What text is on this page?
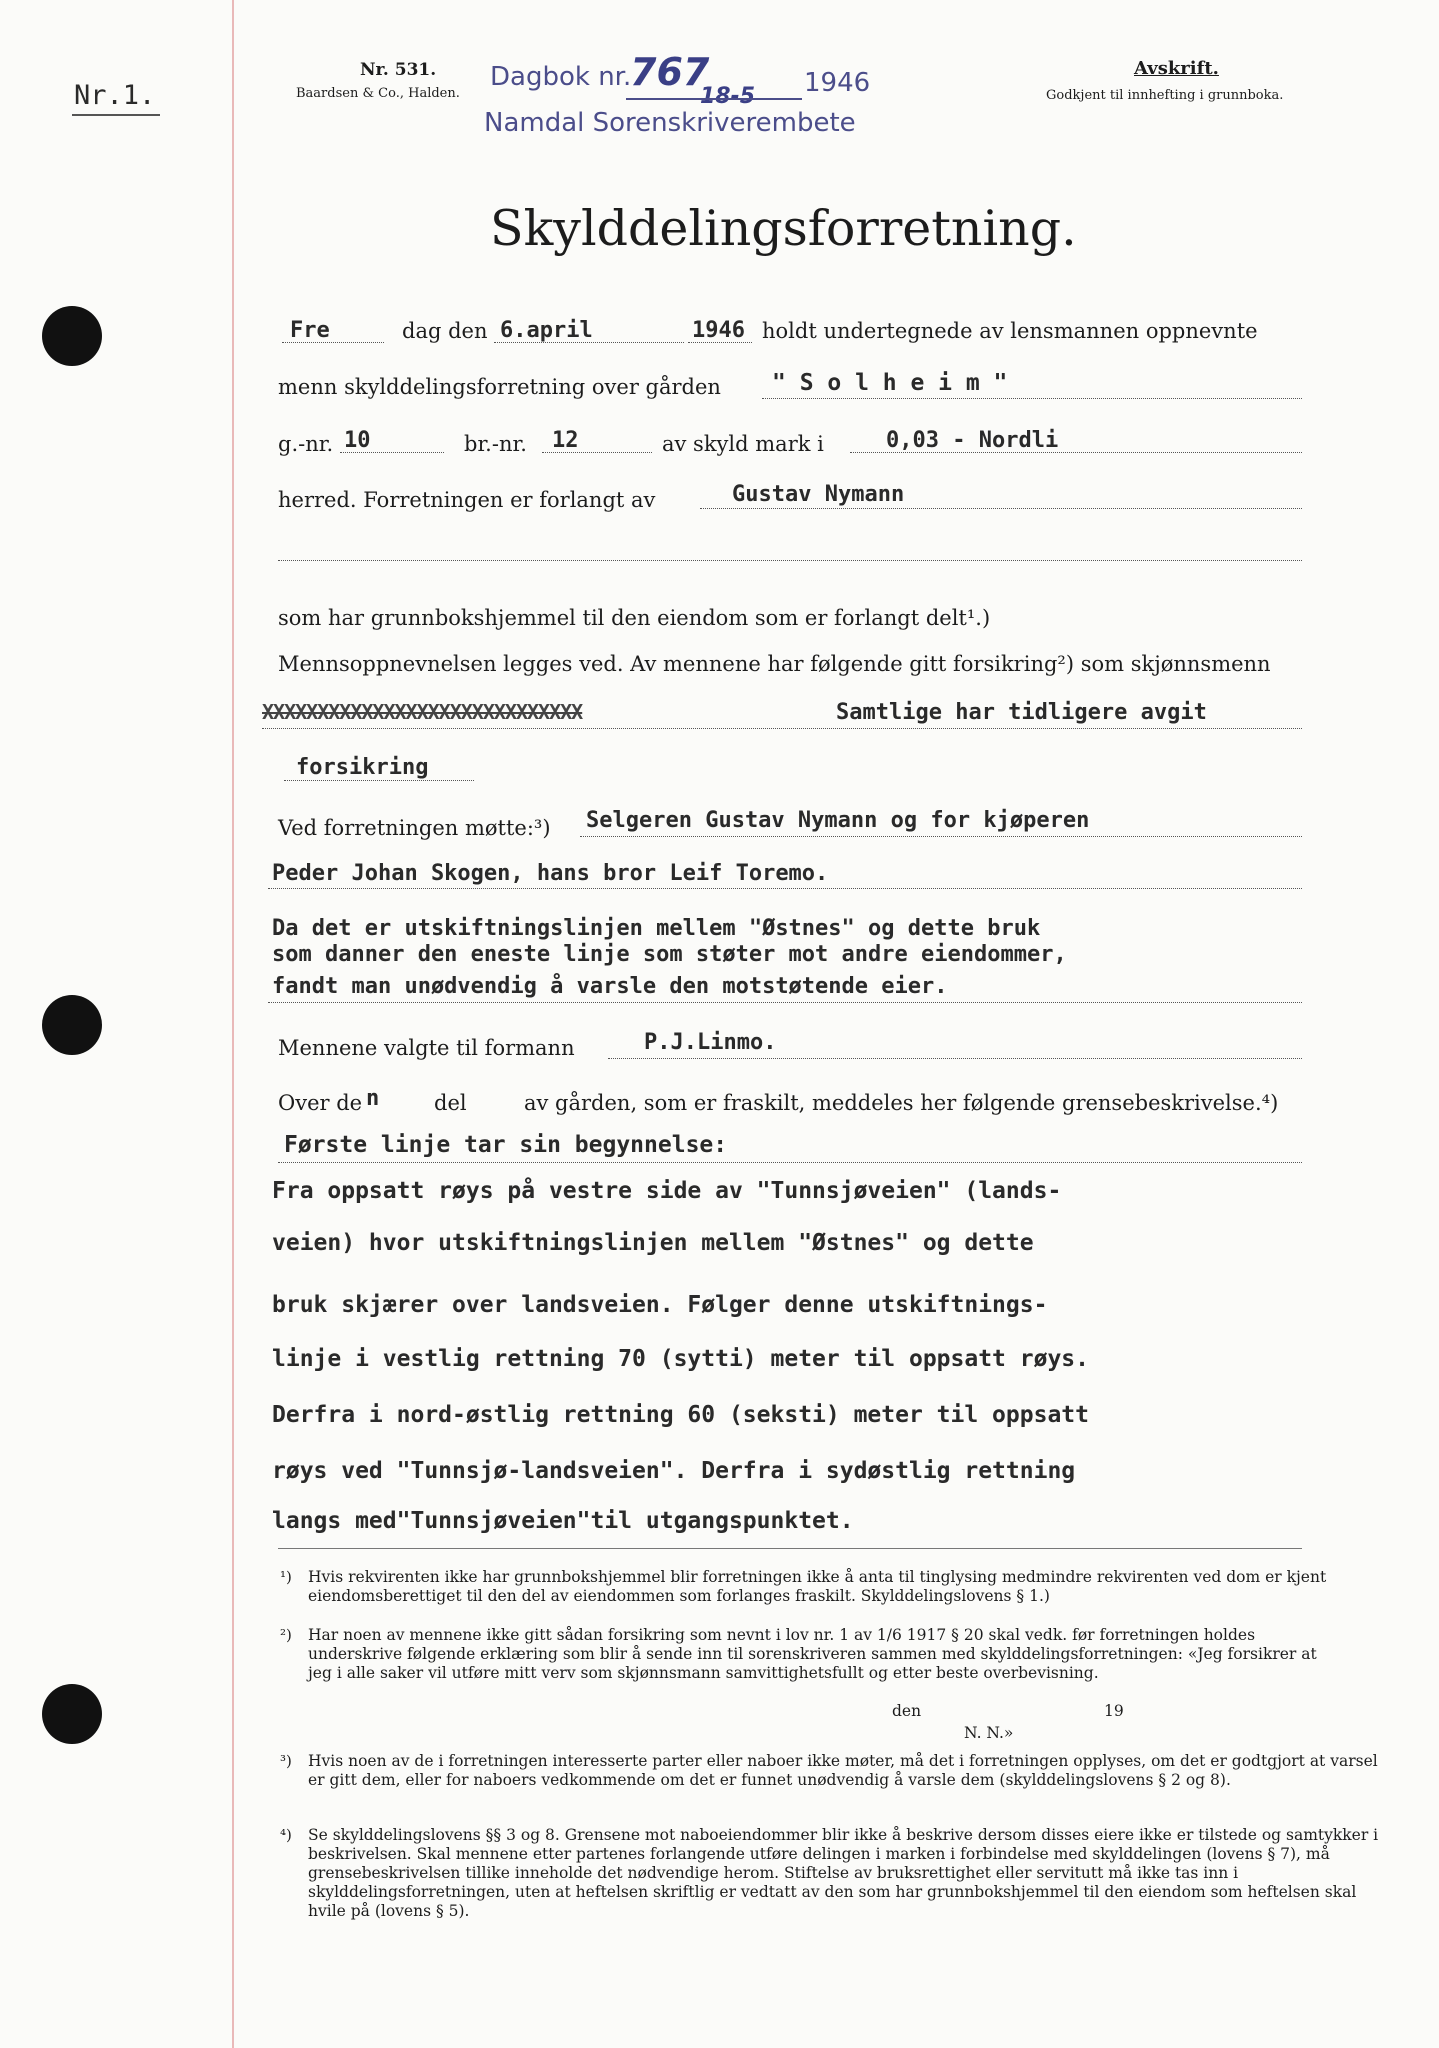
Nr.1.
Nr. 531.
Baardsen & Co., Halden.
Dagbok nr.
767
18-5 1946
Namdal Sorenskriverembete
Avskrift.
Godkjent til innhefting i grunnboka.
Skylddelingsforretning.
Fre	dag den 6.april	1946 holdt undertegnede av lensmannen oppnevnte
menn skylddelingsforretning over gården " S o l h e i m "
g.-nr. 10	br.-nr. 12	av skyld mark i	0,03 - Nordli
herred. Forretningen er forlangt av	Gustav Nymann
som har grunnbokshjemmel til den eiendom som er forlangt delt¹.)
Mennsoppnevnelsen legges ved. Av mennene har følgende gitt forsikring²) som skjønnsmenn
XXXXXXXXXXXXXXXXXXXXXXXXXXXXX	Samtlige har tidligere avgit
forsikring
Ved forretningen møtte:³) Selgeren Gustav Nymann og for kjøperen
Peder Johan Skogen, hans bror Leif Toremo.
Da det er utskiftningslinjen mellem "Østnes" og dette bruk
som danner den eneste linje som støter mot andre eiendommer,
fandt man unødvendig å varsle den motstøtende eier.
Mennene valgte til formann	P.J.Linmo.
Over de n	del	av gården, som er fraskilt, meddeles her følgende grensebeskrivelse.⁴)
Første linje tar sin begynnelse:
Fra oppsatt røys på vestre side av "Tunnsjøveien" (lands-
veien) hvor utskiftningslinjen mellem "Østnes" og dette
bruk skjærer over landsveien. Følger denne utskiftnings-
linje i vestlig rettning 70 (sytti) meter til oppsatt røys.
Derfra i nord-østlig rettning 60 (seksti) meter til oppsatt
røys ved "Tunnsjø-landsveien". Derfra i sydøstlig rettning
langs med"Tunnsjøveien"til utgangspunktet.
¹) Hvis rekvirenten ikke har grunnbokshjemmel blir forretningen ikke å anta til tinglysing medmindre rekvirenten ved dom er kjent eiendomsberettiget til den del av eiendommen som forlanges fraskilt. Skylddelingslovens § 1.)
²) Har noen av mennene ikke gitt sådan forsikring som nevnt i lov nr. 1 av 1/6 1917 § 20 skal vedk. før forretningen holdes underskrive følgende erklæring som blir å sende inn til sorenskriveren sammen med skylddelingsforretningen: «Jeg forsikrer at jeg i alle saker vil utføre mitt verv som skjønnsmann samvittighetsfullt og etter beste overbevisning.
den	19
N. N.»
³) Hvis noen av de i forretningen interesserte parter eller naboer ikke møter, må det i forretningen opplyses, om det er godtgjort at varsel er gitt dem, eller for naboers vedkommende om det er funnet unødvendig å varsle dem (skylddelingslovens § 2 og 8).
⁴) Se skylddelingslovens §§ 3 og 8. Grensene mot naboeiendommer blir ikke å beskrive dersom disses eiere ikke er tilstede og samtykker i beskrivelsen. Skal mennene etter partenes forlangende utføre delingen i marken i forbindelse med skylddelingen (lovens § 7), må grensebeskrivelsen tillike inneholde det nødvendige herom. Stiftelse av bruksrettighet eller servitutt må ikke tas inn i skylddelingsforretningen, uten at heftelsen skriftlig er vedtatt av den som har grunnbokshjemmel til den eiendom som heftelsen skal hvile på (lovens § 5).
